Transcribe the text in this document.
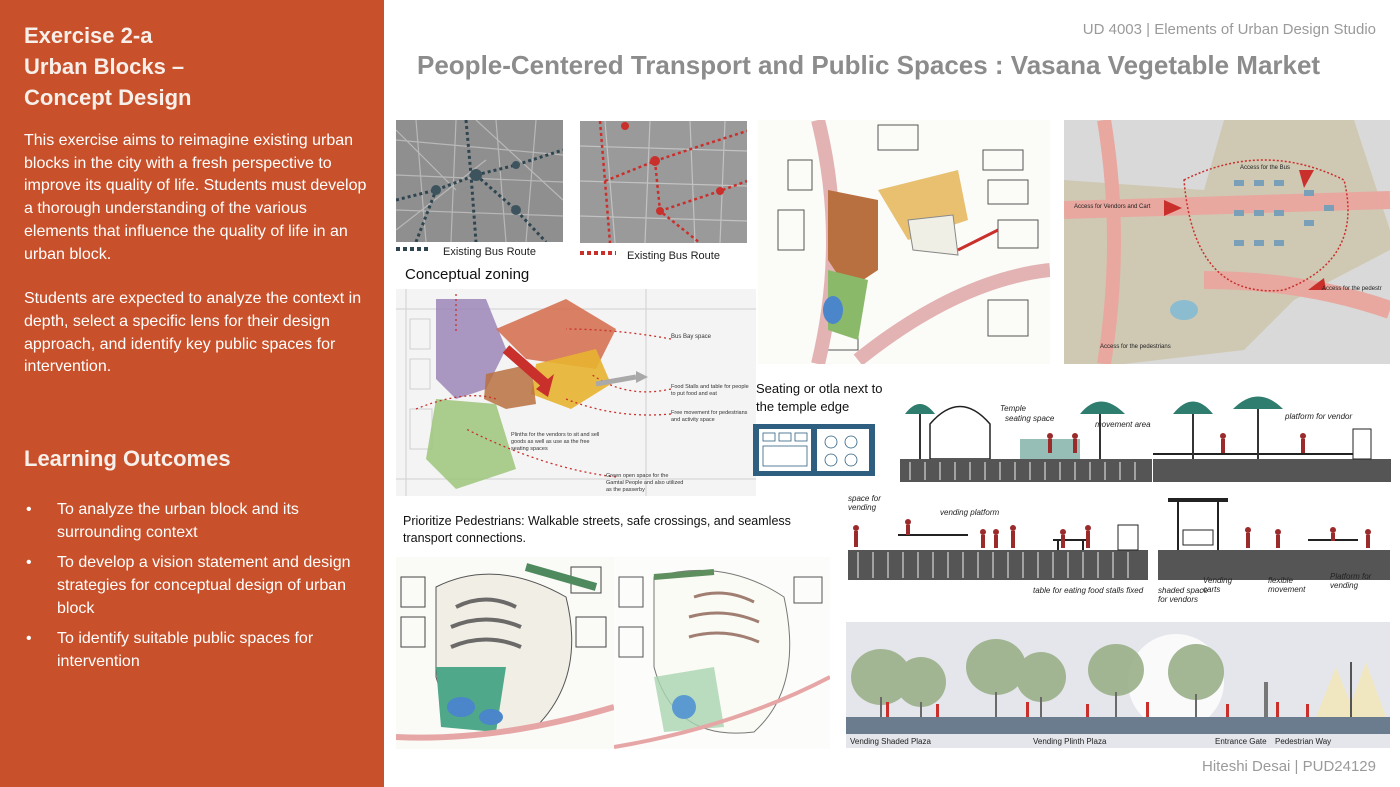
Exercise 2-a
Urban Blocks –
Concept Design

This exercise aims to reimagine existing urban blocks in the city with a fresh perspective to improve its quality of life. Students must develop a thorough understanding of the various elements that influence the quality of life in an urban block.

Students are expected to analyze the context in depth, select a specific lens for their design approach, and identify key public spaces for intervention.

Learning Outcomes
• To analyze the urban block and its surrounding context
• To develop a vision statement and design strategies for conceptual design of urban block
• To identify suitable public spaces for intervention
UD 4003 | Elements of Urban Design Studio
People-Centered Transport and Public Spaces : Vasana Vegetable Market
Existing Bus Route	Existing Bus Route
Conceptual zoning
Bus Bay space
Food Stalls and table for people to put food and eat
Free movement for pedestrians and activity space
Plinths for the vendors to sit and sell goods as well as use as the free seating spaces
Green open space for the Gamtal People and also utilized as the passerby
Access for the Bus
Access for Vendors and Cart
Access for the pedestr
Access for the pedestrians
Seating or otla next to the temple edge	Temple
seating space
movement area
platform for vendor
Prioritize Pedestrians: Walkable streets, safe crossings, and seamless transport connections.
space for vending
vending platform
table for eating food stalls fixed shaded space for vendors
Vending carts
flexible movement
Platform for vending
Vending Shaded Plaza	Vending Plinth Plaza	Entrance Gate Pedestrian Way
Hiteshi Desai | PUD24129
